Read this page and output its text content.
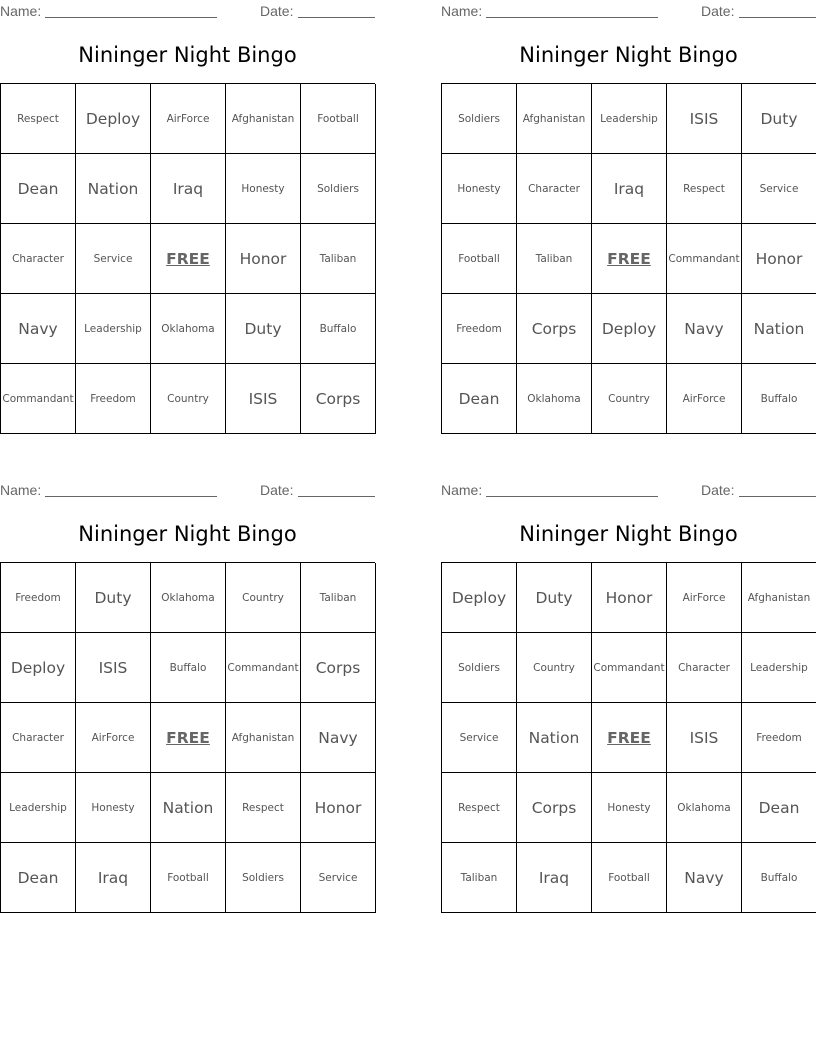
Name:	Date:
Nininger Night Bingo
Respect	Deploy	AirForce	Afghanistan	Football
Dean	Nation	Iraq	Honesty	Soldiers
Character	Service	FREE	Honor	Taliban
Navy	Leadership	Oklahoma	Duty	Buffalo
Commandant	Freedom	Country	ISIS	Corps
Name:	Date:
Nininger Night Bingo
Soldiers	Afghanistan	Leadership	ISIS	Duty
Honesty	Character	Iraq	Respect	Service
Football	Taliban	FREE	Commandant	Honor
Freedom	Corps	Deploy	Navy	Nation
Dean	Oklahoma	Country	AirForce	Buffalo
Name:	Date:
Nininger Night Bingo
Freedom	Duty	Oklahoma	Country	Taliban
Deploy	ISIS	Buffalo	Commandant	Corps
Character	AirForce	FREE	Afghanistan	Navy
Leadership	Honesty	Nation	Respect	Honor
Dean	Iraq	Football	Soldiers	Service
Name:	Date:
Nininger Night Bingo
Deploy	Duty	Honor	AirForce	Afghanistan
Soldiers	Country	Commandant	Character	Leadership
Service	Nation	FREE	ISIS	Freedom
Respect	Corps	Honesty	Oklahoma	Dean
Taliban	Iraq	Football	Navy	Buffalo
